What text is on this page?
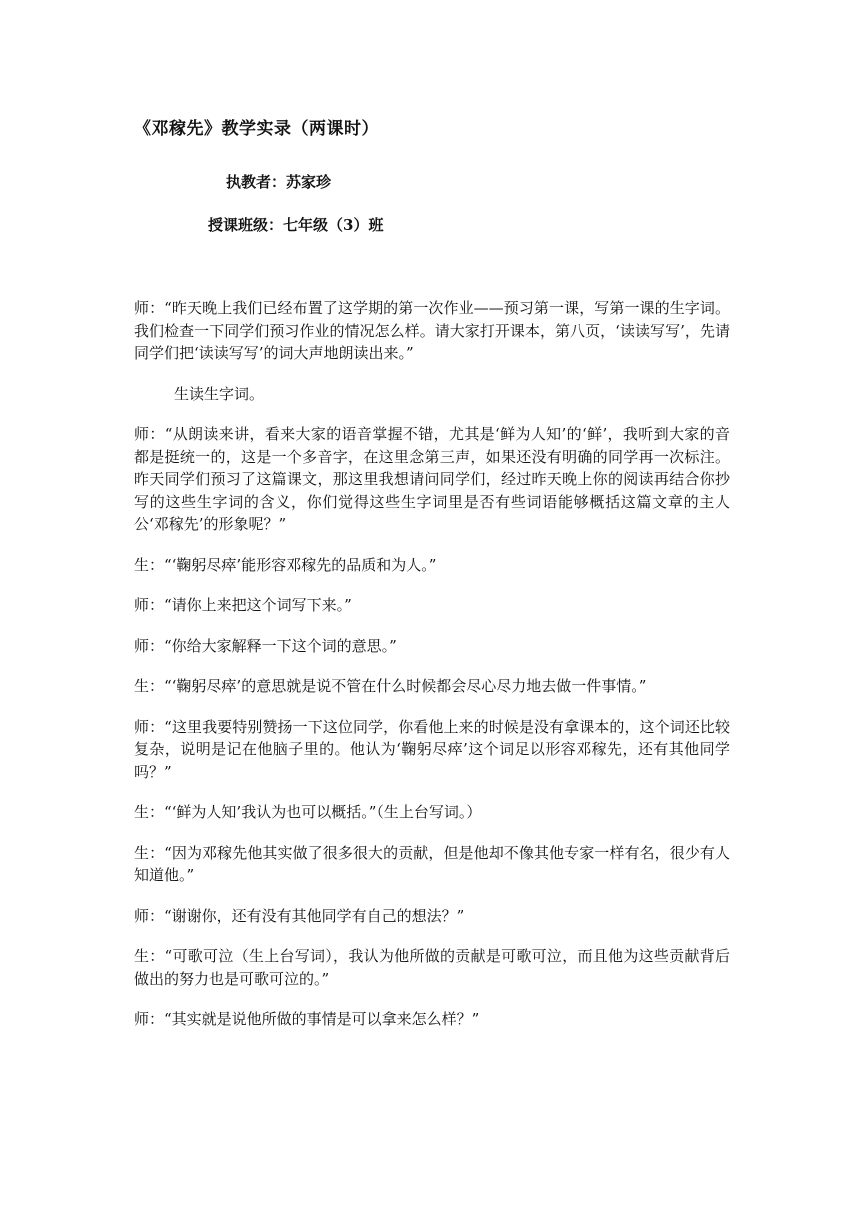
《邓稼先》教学实录（两课时）
执教者：苏家珍
授课班级：七年级（3）班

师：“昨天晚上我们已经布置了这学期的第一次作业——预习第一课，写第一课的生字词。我们检查一下同学们预习作业的情况怎么样。请大家打开课本，第八页，‘读读写写’，先请同学们把‘读读写写’的词大声地朗读出来。”

生读生字词。

师：“从朗读来讲，看来大家的语音掌握不错，尤其是‘鲜为人知’的‘鲜’，我听到大家的音都是挺统一的，这是一个多音字，在这里念第三声，如果还没有明确的同学再一次标注。昨天同学们预习了这篇课文，那这里我想请问同学们，经过昨天晚上你的阅读再结合你抄写的这些生字词的含义，你们觉得这些生字词里是否有些词语能够概括这篇文章的主人公‘邓稼先’的形象呢？”

生：“‘鞠躬尽瘁’能形容邓稼先的品质和为人。”

师：“请你上来把这个词写下来。”

师：“你给大家解释一下这个词的意思。”

生：“‘鞠躬尽瘁’的意思就是说不管在什么时候都会尽心尽力地去做一件事情。”

师：“这里我要特别赞扬一下这位同学，你看他上来的时候是没有拿课本的，这个词还比较复杂，说明是记在他脑子里的。他认为‘鞠躬尽瘁’这个词足以形容邓稼先，还有其他同学吗？”

生：“‘鲜为人知’我认为也可以概括。”（生上台写词。）

生：“因为邓稼先他其实做了很多很大的贡献，但是他却不像其他专家一样有名，很少有人知道他。”

师：“谢谢你，还有没有其他同学有自己的想法？”

生：“可歌可泣（生上台写词），我认为他所做的贡献是可歌可泣，而且他为这些贡献背后做出的努力也是可歌可泣的。”

师：“其实就是说他所做的事情是可以拿来怎么样？”
